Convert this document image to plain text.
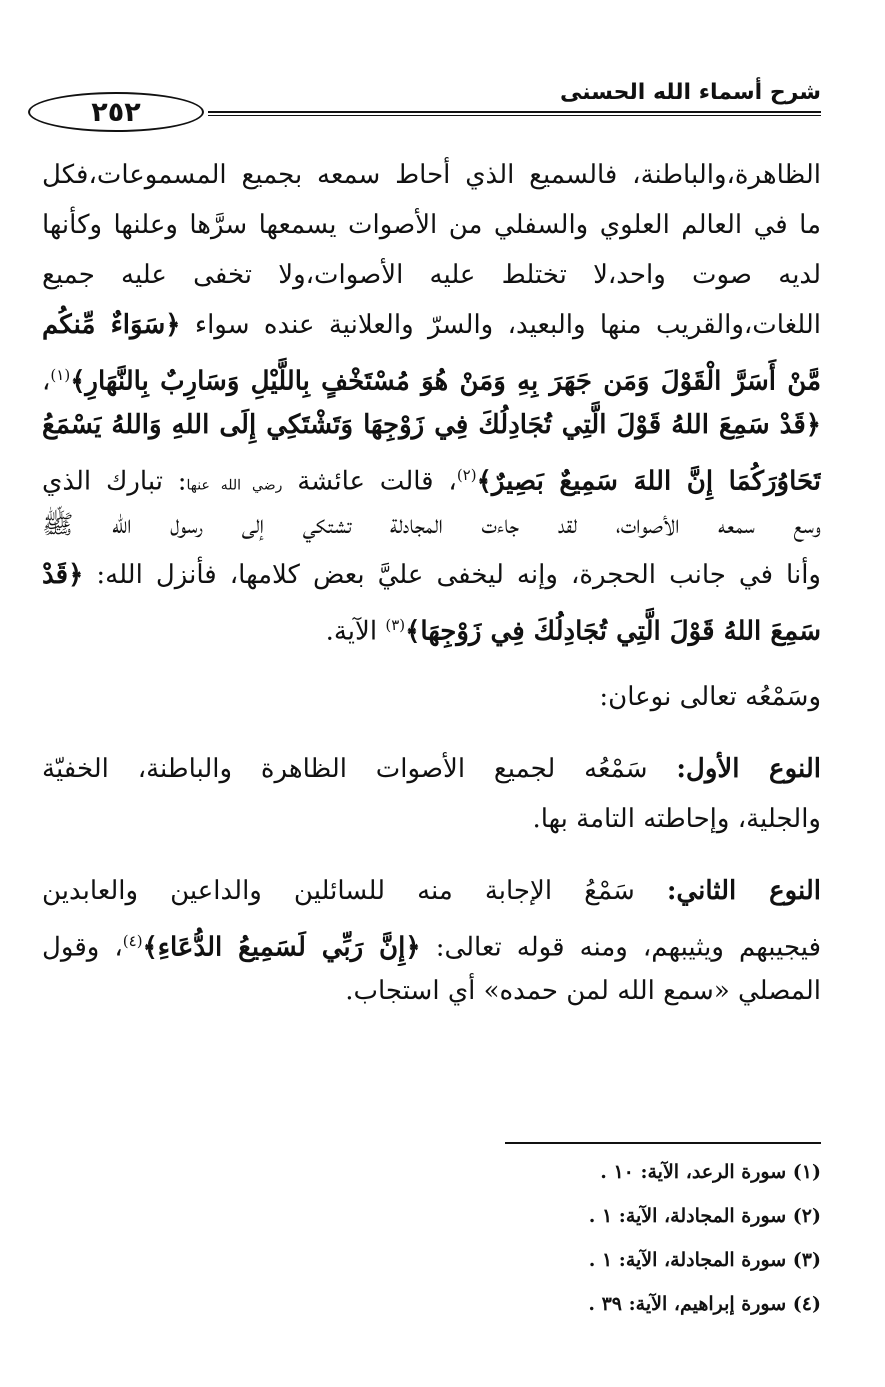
شرح أسماء الله الحسنى
٢٥٢
الظاهرة،والباطنة، فالسميع الذي أحاط سمعه بجميع المسموعات،فكل
ما في العالم العلوي والسفلي من الأصوات يسمعها سرَّها وعلنها وكأنها
لديه صوت واحد،لا تختلط عليه الأصوات،ولا تخفى عليه جميع
اللغات،والقريب منها والبعيد، والسرّ والعلانية عنده سواء ﴿سَوَاءٌ مِّنكُم
مَّنْ أَسَرَّ الْقَوْلَ وَمَن جَهَرَ بِهِ وَمَنْ هُوَ مُسْتَخْفٍ بِاللَّيْلِ وَسَارِبٌ بِالنَّهَارِ﴾$^{(١)}$،
﴿قَدْ سَمِعَ اللهُ قَوْلَ الَّتِي تُجَادِلُكَ فِي زَوْجِهَا وَتَشْتَكِي إِلَى اللهِ وَاللهُ يَسْمَعُ
تَحَاوُرَكُمَا إِنَّ اللهَ سَمِيعٌ بَصِيرٌ﴾$^{(٢)}$، قالت عائشة رضي الله عنها: تبارك الذي
وسع سمعه الأصوات، لقد جاءت المجادلة تشتكي إلى رسول الله ﷺ
وأنا في جانب الحجرة، وإنه ليخفى عليَّ بعض كلامها، فأنزل الله: ﴿قَدْ
سَمِعَ اللهُ قَوْلَ الَّتِي تُجَادِلُكَ فِي زَوْجِهَا﴾$^{(٣)}$ الآية.
وسَمْعُه تعالى نوعان:
النوع الأول: سَمْعُه لجميع الأصوات الظاهرة والباطنة، الخفيّة
والجلية، وإحاطته التامة بها.
النوع الثاني: سَمْعُ الإجابة منه للسائلين والداعين والعابدين
فيجيبهم ويثيبهم، ومنه قوله تعالى: ﴿إِنَّ رَبِّي لَسَمِيعُ الدُّعَاءِ﴾$^{(٤)}$، وقول
المصلي «سمع الله لمن حمده» أي استجاب.
(١) سورة الرعد، الآية: ١٠ .
(٢) سورة المجادلة، الآية: ١ .
(٣) سورة المجادلة، الآية: ١ .
(٤) سورة إبراهيم، الآية: ٣٩ .
